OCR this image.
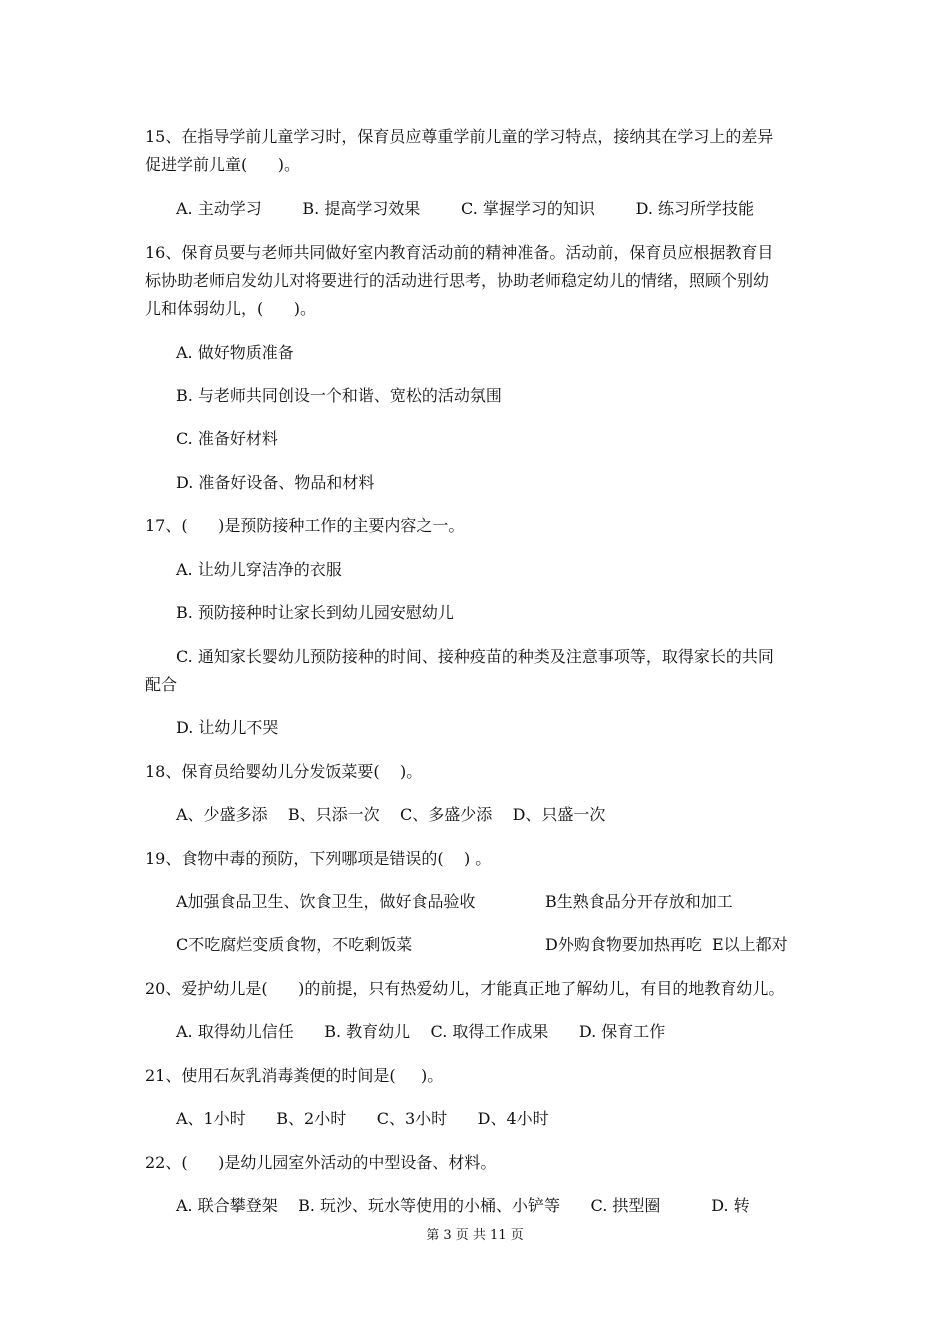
15、在指导学前儿童学习时，保育员应尊重学前儿童的学习特点，接纳其在学习上的差异
促进学前儿童(      )。
A. 主动学习        B. 提高学习效果        C. 掌握学习的知识        D. 练习所学技能
16、保育员要与老师共同做好室内教育活动前的精神准备。活动前，保育员应根据教育目
标协助老师启发幼儿对将要进行的活动进行思考，协助老师稳定幼儿的情绪，照顾个别幼
儿和体弱幼儿，(      )。
A. 做好物质准备
B. 与老师共同创设一个和谐、宽松的活动氛围
C. 准备好材料
D. 准备好设备、物品和材料
17、(      )是预防接种工作的主要内容之一。
A. 让幼儿穿洁净的衣服
B. 预防接种时让家长到幼儿园安慰幼儿
C. 通知家长婴幼儿预防接种的时间、接种疫苗的种类及注意事项等，取得家长的共同
配合
D. 让幼儿不哭
18、保育员给婴幼儿分发饭菜要(    )。
A、少盛多添    B、只添一次    C、多盛少添    D、只盛一次
19、食物中毒的预防，下列哪项是错误的(    ) 。
A加强食品卫生、饮食卫生，做好食品验收	B生熟食品分开存放和加工
C不吃腐烂变质食物，不吃剩饭菜	D外购食物要加热再吃  E以上都对
20、爱护幼儿是(      )的前提，只有热爱幼儿，才能真正地了解幼儿，有目的地教育幼儿。
A. 取得幼儿信任      B. 教育幼儿    C. 取得工作成果      D. 保育工作
21、使用石灰乳消毒粪便的时间是(     )。
A、1小时      B、2小时      C、3小时      D、4小时
22、(      )是幼儿园室外活动的中型设备、材料。
A. 联合攀登架    B. 玩沙、玩水等使用的小桶、小铲等      C. 拱型圈          D. 转
第 3 页 共 11 页
